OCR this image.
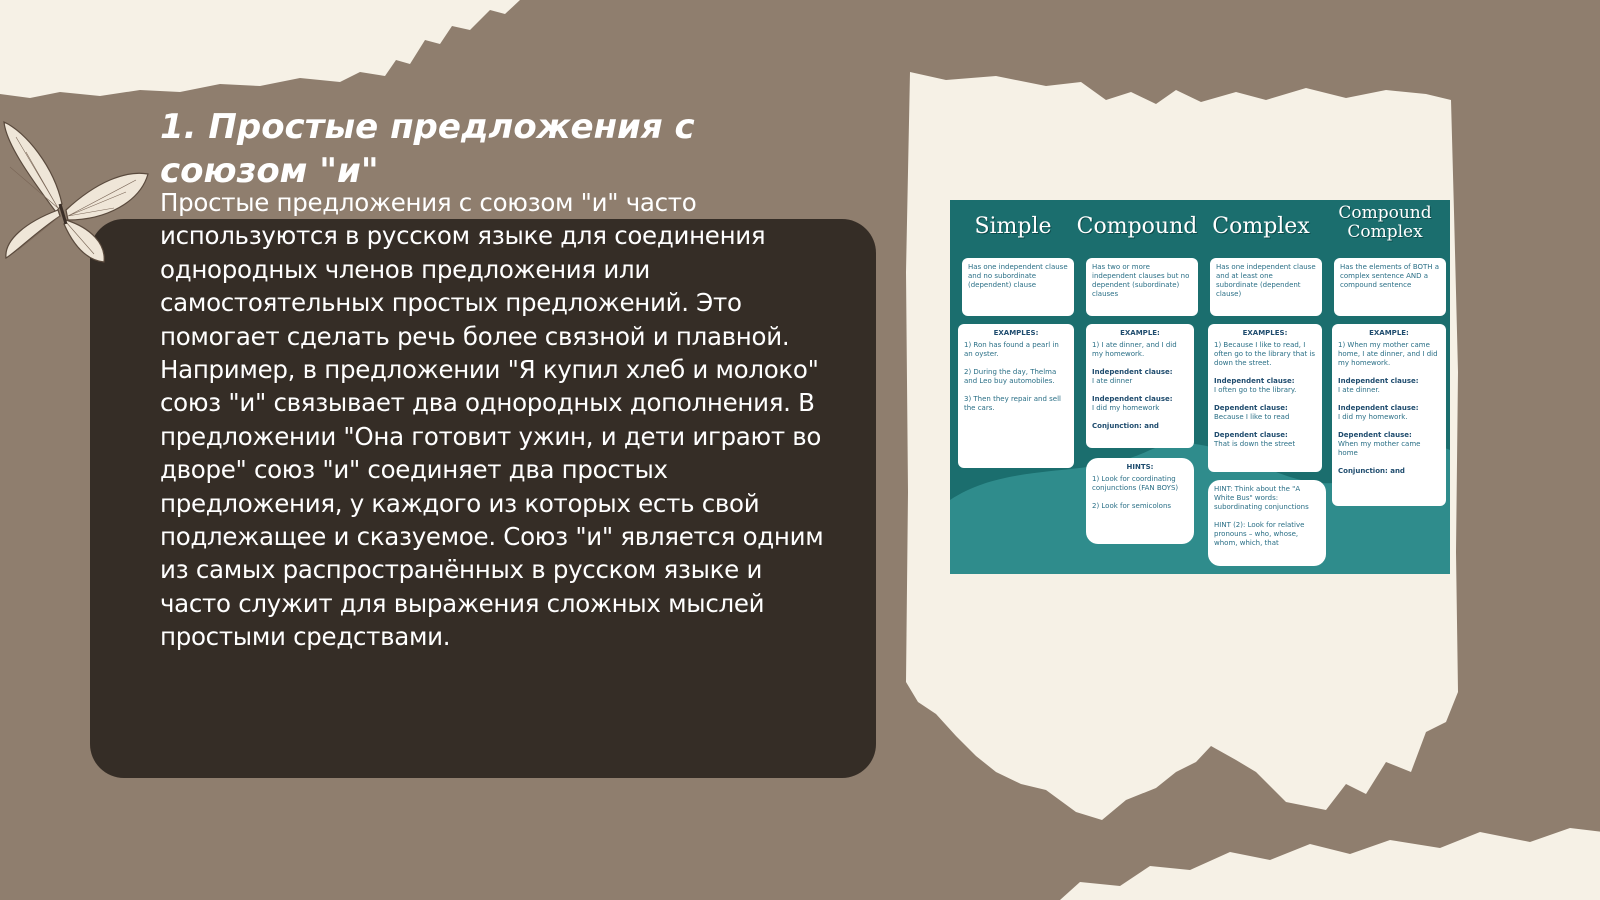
1. Простые предложения с союзом "и"

Простые предложения с союзом "и" часто используются в русском языке для соединения однородных членов предложения или самостоятельных простых предложений. Это помогает сделать речь более связной и плавной. Например, в предложении "Я купил хлеб и молоко" союз "и" связывает два однородных дополнения. В предложении "Она готовит ужин, и дети играют во дворе" союз "и" соединяет два простых предложения, у каждого из которых есть свой подлежащее и сказуемое. Союз "и" является одним из самых распространённых в русском языке и часто служит для выражения сложных мыслей простыми средствами.

Simple	Compound Complex
Compound Complex
Has one independent clause and no subordinate (dependent) clause
Has two or more independent clauses but no dependent (subordinate) clauses
Has one independent clause and at least one subordinate (dependent clause)
Has the elements of BOTH a complex sentence AND a compound sentence
EXAMPLES:
1) Ron has found a pearl in an oyster.

2) During the day, Thelma and Leo buy automobiles.

3) Then they repair and sell the cars.
EXAMPLE:
1) I ate dinner, and I did my homework.

Independent clause:
I ate dinner

Independent clause:
I did my homework

Conjunction: and
HINTS:
1) Look for coordinating conjunctions (FAN BOYS)

2) Look for semicolons
EXAMPLES:
1) Because I like to read, I often go to the library that is down the street.

Independent clause:
I often go to the library.

Dependent clause:
Because I like to read

Dependent clause:
That is down the street
HINT: Think about the "A White Bus" words: subordinating conjunctions

HINT (2): Look for relative pronouns – who, whose, whom, which, that
EXAMPLE:
1) When my mother came home, I ate dinner, and I did my homework.

Independent clause:
I ate dinner.

Independent clause:
I did my homework.

Dependent clause:
When my mother came home

Conjunction: and
